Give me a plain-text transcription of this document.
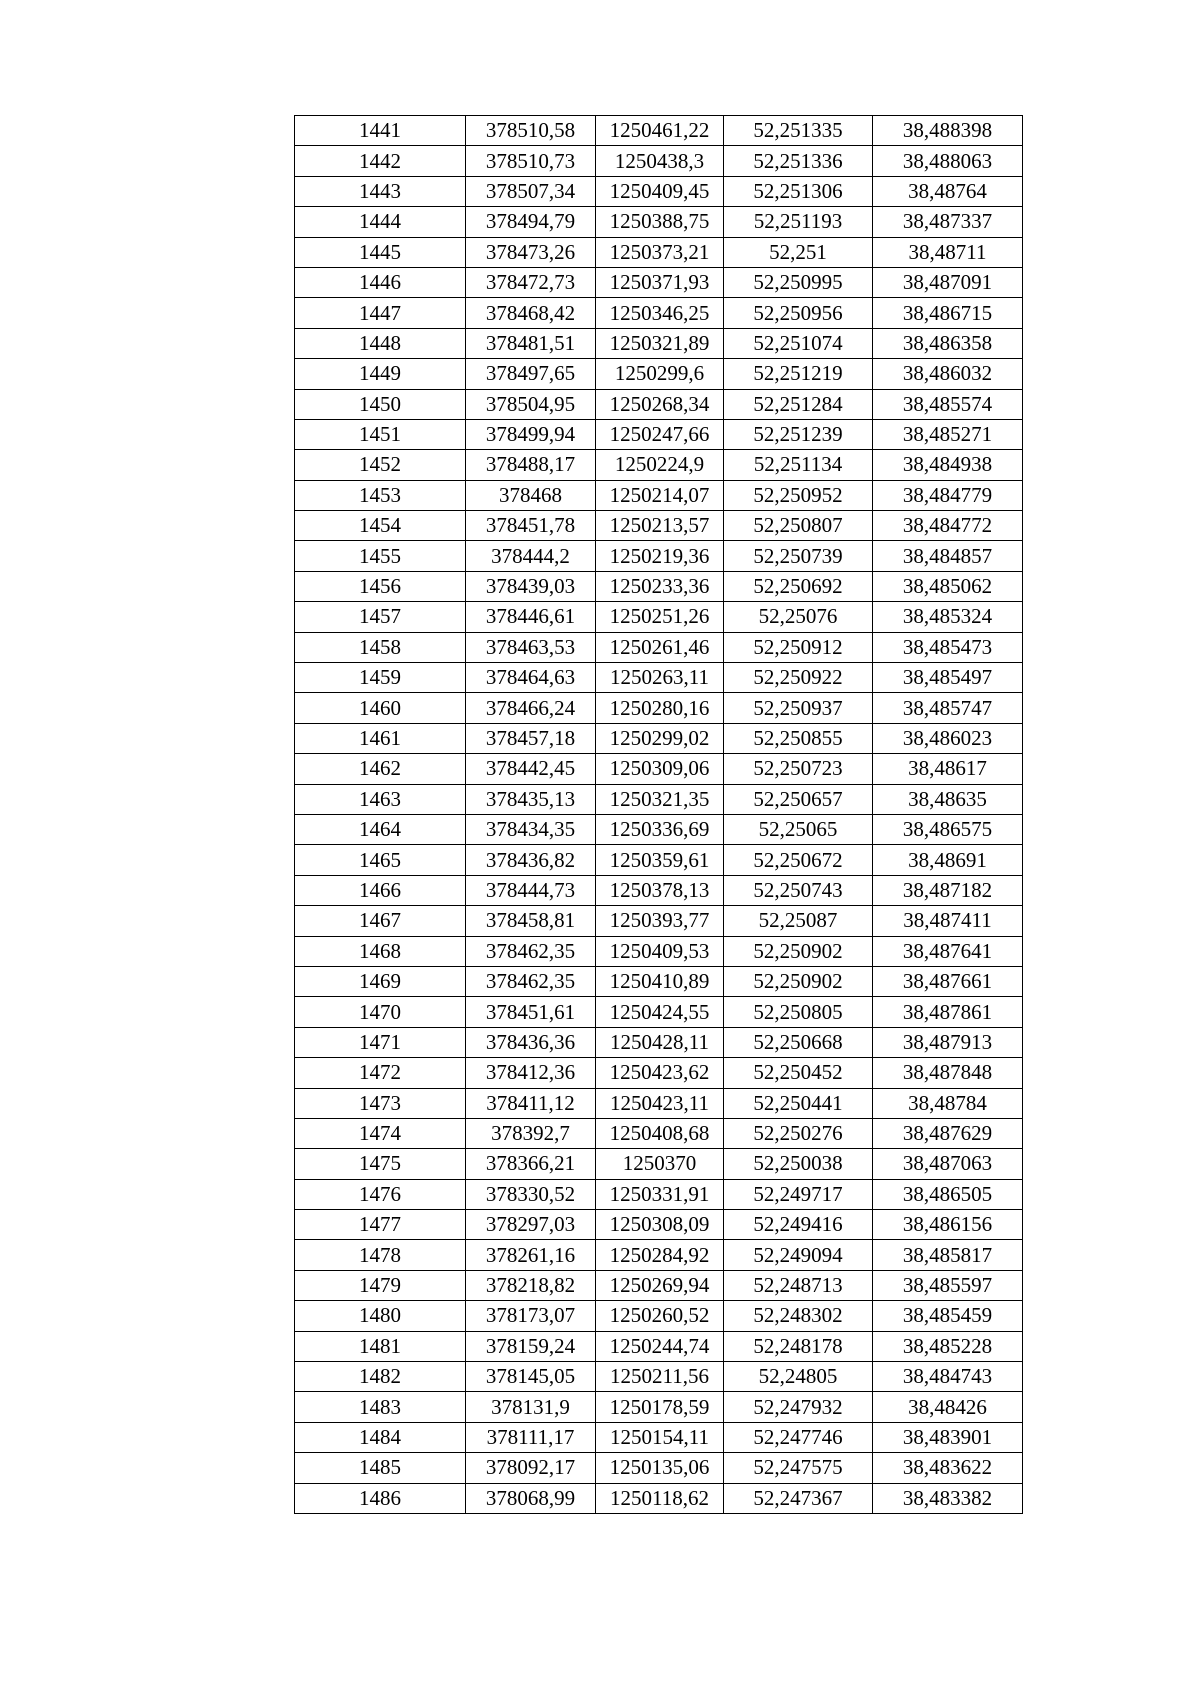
1441	378510,58	1250461,22	52,251335	38,488398
1442	378510,73	1250438,3	52,251336	38,488063
1443	378507,34	1250409,45	52,251306	38,48764
1444	378494,79	1250388,75	52,251193	38,487337
1445	378473,26	1250373,21	52,251	38,48711
1446	378472,73	1250371,93	52,250995	38,487091
1447	378468,42	1250346,25	52,250956	38,486715
1448	378481,51	1250321,89	52,251074	38,486358
1449	378497,65	1250299,6	52,251219	38,486032
1450	378504,95	1250268,34	52,251284	38,485574
1451	378499,94	1250247,66	52,251239	38,485271
1452	378488,17	1250224,9	52,251134	38,484938
1453	378468	1250214,07	52,250952	38,484779
1454	378451,78	1250213,57	52,250807	38,484772
1455	378444,2	1250219,36	52,250739	38,484857
1456	378439,03	1250233,36	52,250692	38,485062
1457	378446,61	1250251,26	52,25076	38,485324
1458	378463,53	1250261,46	52,250912	38,485473
1459	378464,63	1250263,11	52,250922	38,485497
1460	378466,24	1250280,16	52,250937	38,485747
1461	378457,18	1250299,02	52,250855	38,486023
1462	378442,45	1250309,06	52,250723	38,48617
1463	378435,13	1250321,35	52,250657	38,48635
1464	378434,35	1250336,69	52,25065	38,486575
1465	378436,82	1250359,61	52,250672	38,48691
1466	378444,73	1250378,13	52,250743	38,487182
1467	378458,81	1250393,77	52,25087	38,487411
1468	378462,35	1250409,53	52,250902	38,487641
1469	378462,35	1250410,89	52,250902	38,487661
1470	378451,61	1250424,55	52,250805	38,487861
1471	378436,36	1250428,11	52,250668	38,487913
1472	378412,36	1250423,62	52,250452	38,487848
1473	378411,12	1250423,11	52,250441	38,48784
1474	378392,7	1250408,68	52,250276	38,487629
1475	378366,21	1250370	52,250038	38,487063
1476	378330,52	1250331,91	52,249717	38,486505
1477	378297,03	1250308,09	52,249416	38,486156
1478	378261,16	1250284,92	52,249094	38,485817
1479	378218,82	1250269,94	52,248713	38,485597
1480	378173,07	1250260,52	52,248302	38,485459
1481	378159,24	1250244,74	52,248178	38,485228
1482	378145,05	1250211,56	52,24805	38,484743
1483	378131,9	1250178,59	52,247932	38,48426
1484	378111,17	1250154,11	52,247746	38,483901
1485	378092,17	1250135,06	52,247575	38,483622
1486	378068,99	1250118,62	52,247367	38,483382
